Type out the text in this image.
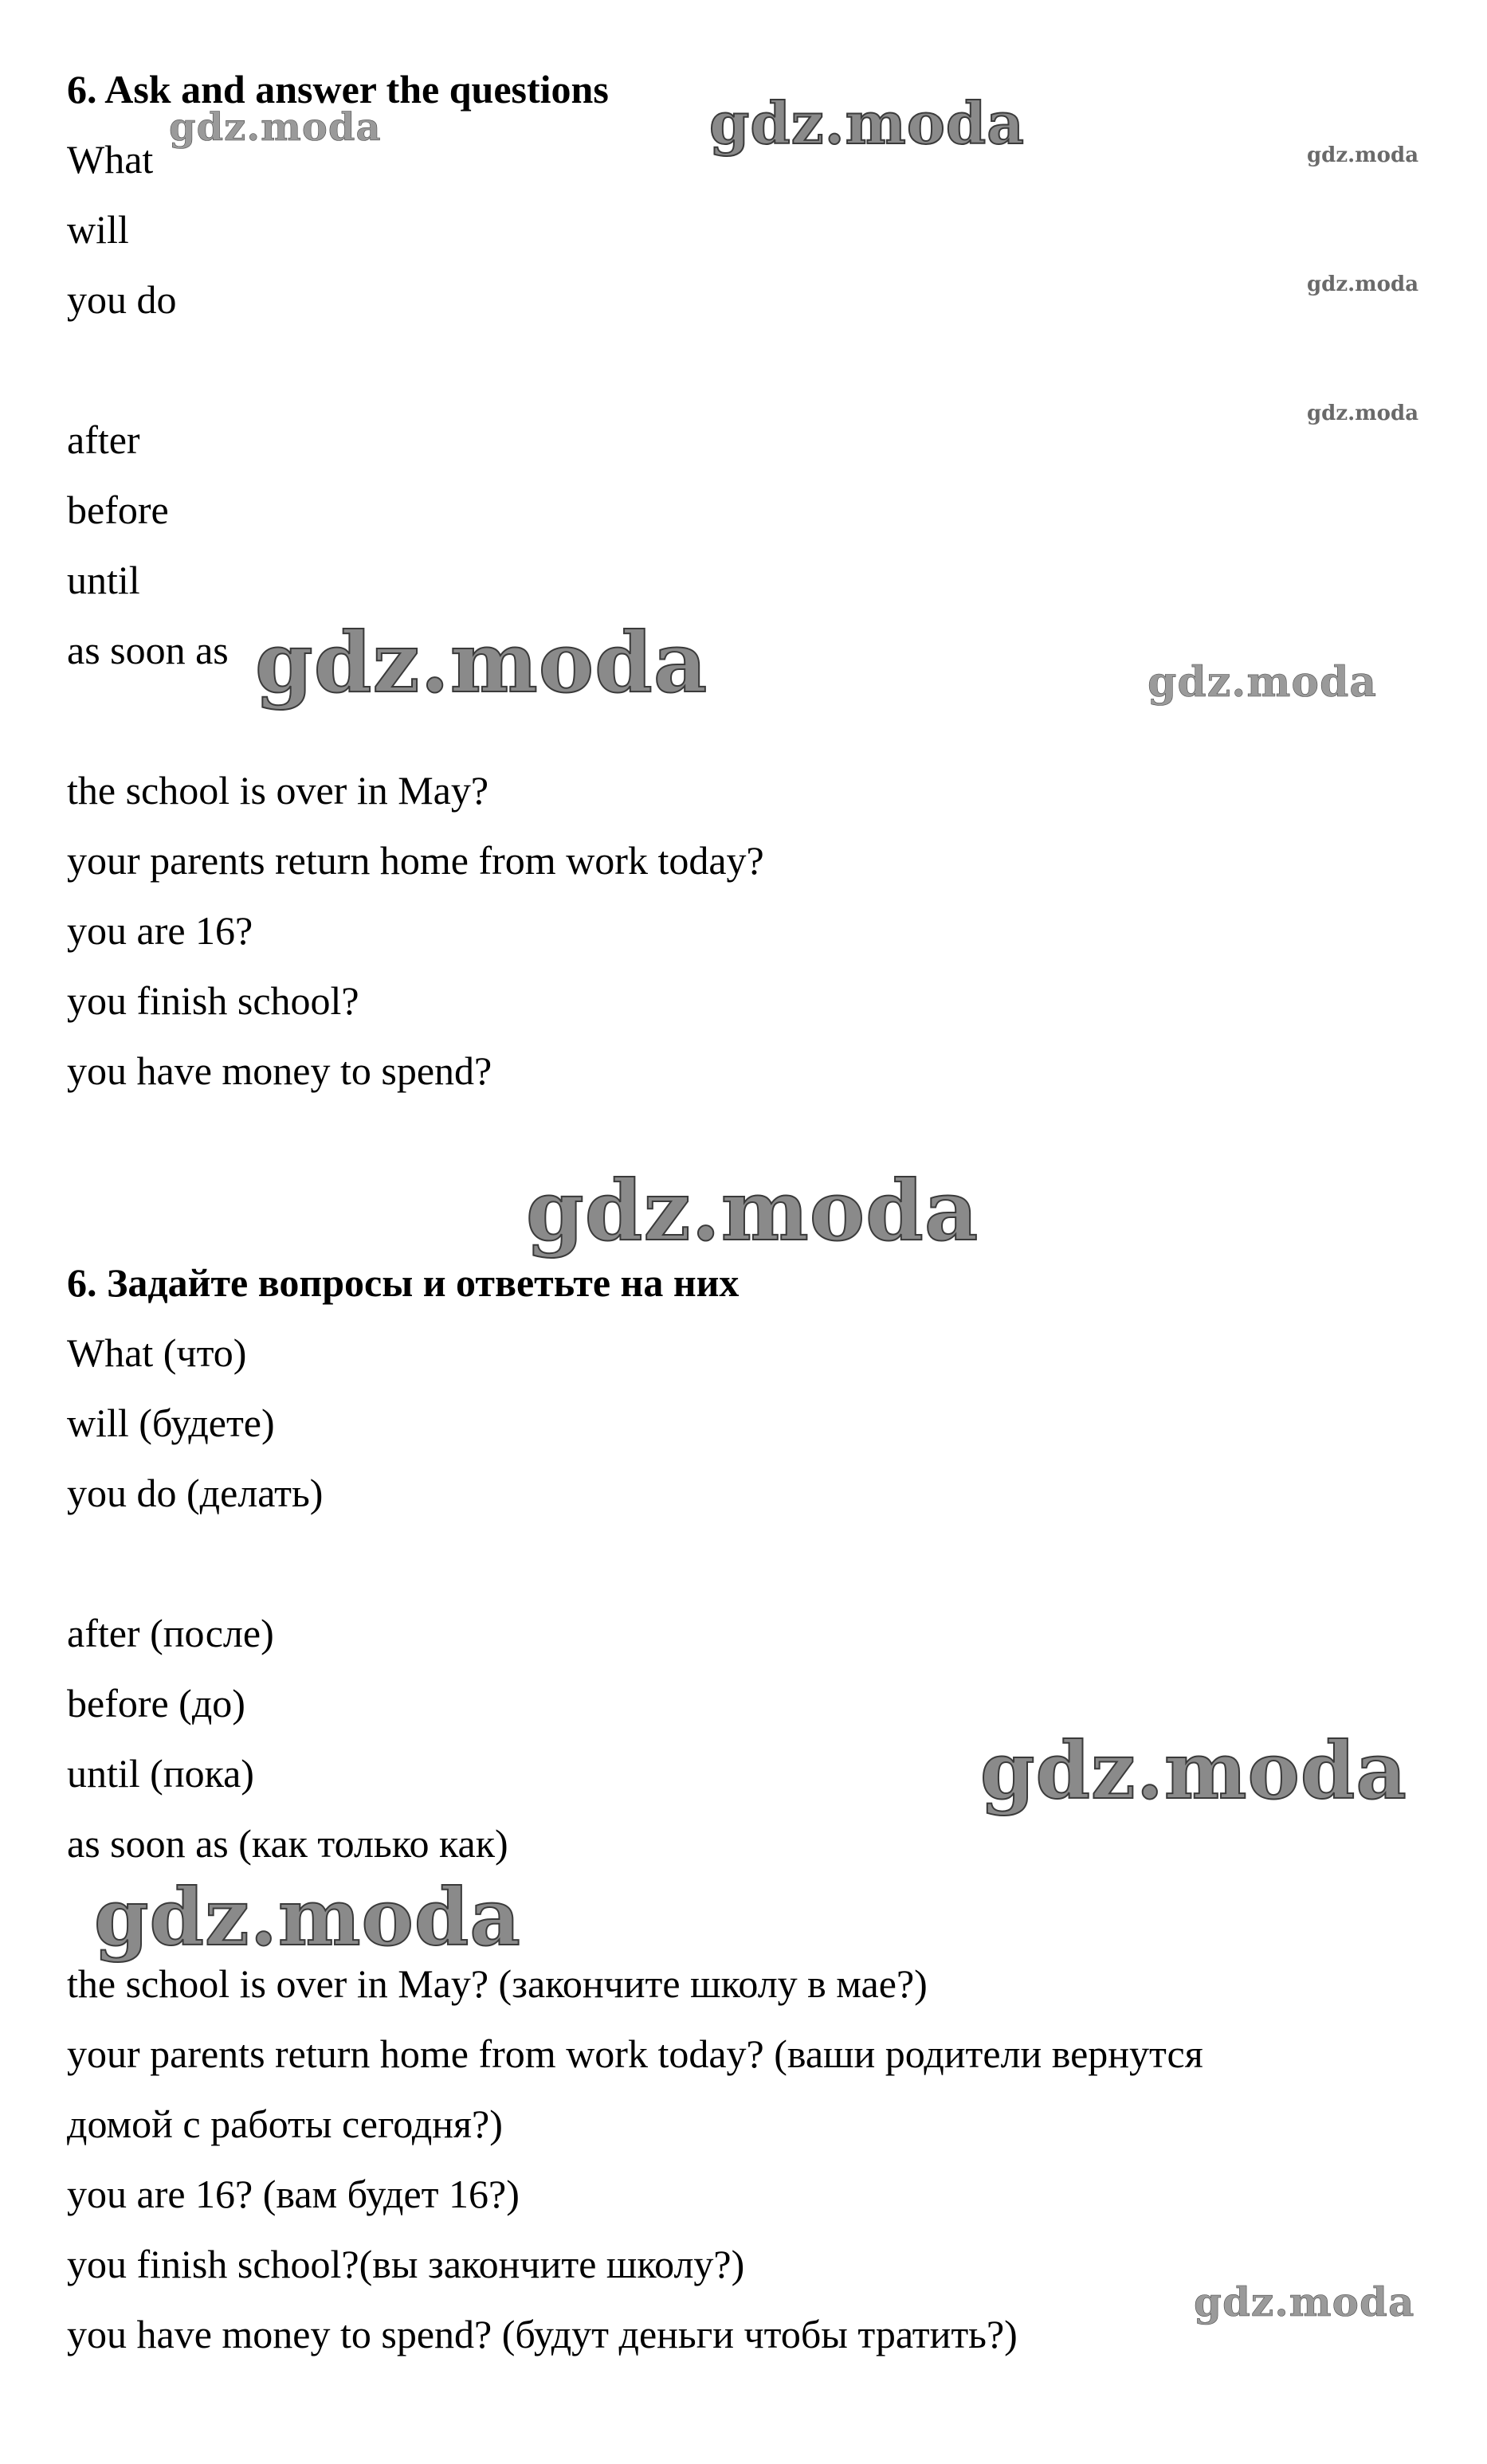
6. Ask and answer the questions
What
will
you do
after
before
until
as soon as
the school is over in May?
your parents return home from work today?
you are 16?
you finish school?
you have money to spend?
6. Задайте вопросы и ответьте на них
What (что)
will (будете)
you do (делать)
after (после)
before (до)
until (пока)
as soon as (как только как)
the school is over in May? (закончите школу в мае?)
your parents return home from work today? (ваши родители вернутся
домой с работы сегодня?)
you are 16? (вам будет 16?)
you finish school?(вы закончите школу?)
you have money to spend? (будут деньги чтобы тратить?)
gdz.moda	gdz.moda	gdz.moda
gdz.moda
gdz.moda
gdz.moda	gdz.moda
gdz.moda
gdz.moda
gdz.moda
gdz.moda
